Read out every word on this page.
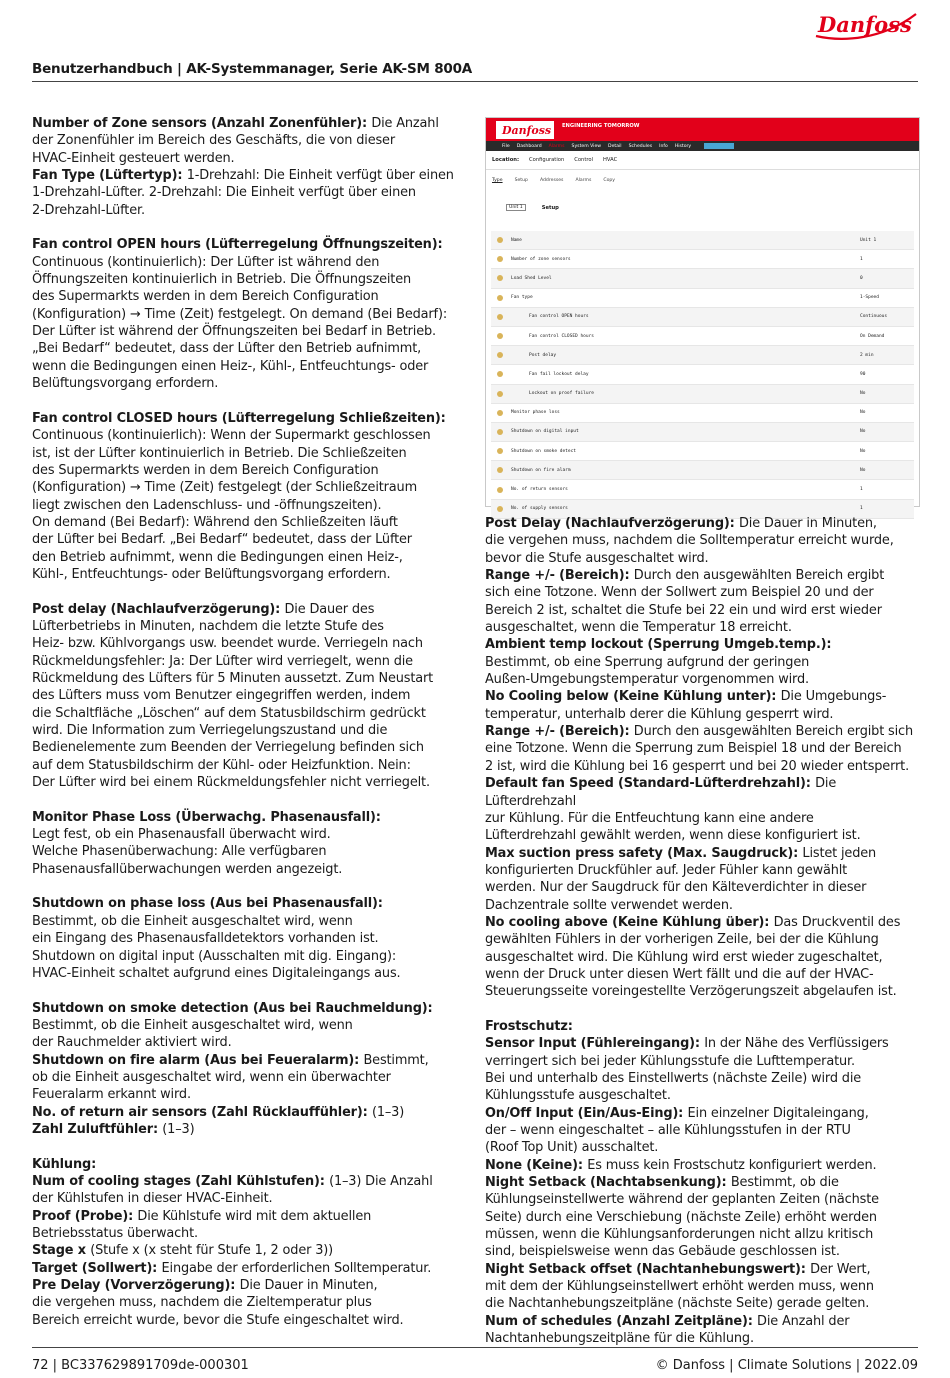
Danfoss
Benutzerhandbuch | AK-Systemmanager, Serie AK-SM 800A

Number of Zone sensors (Anzahl Zonenfühler): Die Anzahl

der Zonenfühler im Bereich des Geschäfts, die von dieser

HVAC-Einheit gesteuert werden.

Fan Type (Lüftertyp): 1-Drehzahl: Die Einheit verfügt über einen

1-Drehzahl-Lüfter. 2-Drehzahl: Die Einheit verfügt über einen

2-Drehzahl-Lüfter.

Fan control OPEN hours (Lüfterregelung Öffnungszeiten):

Continuous (kontinuierlich): Der Lüfter ist während den

Öffnungszeiten kontinuierlich in Betrieb. Die Öffnungszeiten

des Supermarkts werden in dem Bereich Configuration

(Konfiguration) → Time (Zeit) festgelegt. On demand (Bei Bedarf):

Der Lüfter ist während der Öffnungszeiten bei Bedarf in Betrieb.

„Bei Bedarf“ bedeutet, dass der Lüfter den Betrieb aufnimmt,

wenn die Bedingungen einen Heiz-, Kühl-, Entfeuchtungs- oder

Belüftungsvorgang erfordern.

Fan control CLOSED hours (Lüfterregelung Schließzeiten):

Continuous (kontinuierlich): Wenn der Supermarkt geschlossen

ist, ist der Lüfter kontinuierlich in Betrieb. Die Schließzeiten

des Supermarkts werden in dem Bereich Configuration

(Konfiguration) → Time (Zeit) festgelegt (der Schließzeitraum

liegt zwischen den Ladenschluss- und -öffnungszeiten).

On demand (Bei Bedarf): Während den Schließzeiten läuft

der Lüfter bei Bedarf. „Bei Bedarf“ bedeutet, dass der Lüfter

den Betrieb aufnimmt, wenn die Bedingungen einen Heiz-,

Kühl-, Entfeuchtungs- oder Belüftungsvorgang erfordern.

Post delay (Nachlaufverzögerung): Die Dauer des

Lüfterbetriebs in Minuten, nachdem die letzte Stufe des

Heiz- bzw. Kühlvorgangs usw. beendet wurde. Verriegeln nach

Rückmeldungsfehler: Ja: Der Lüfter wird verriegelt, wenn die

Rückmeldung des Lüfters für 5 Minuten aussetzt. Zum Neustart

des Lüfters muss vom Benutzer eingegriffen werden, indem

die Schaltfläche „Löschen“ auf dem Statusbildschirm gedrückt

wird. Die Information zum Verriegelungszustand und die

Bedienelemente zum Beenden der Verriegelung befinden sich

auf dem Statusbildschirm der Kühl- oder Heizfunktion. Nein:

Der Lüfter wird bei einem Rückmeldungsfehler nicht verriegelt.

Monitor Phase Loss (Überwachg. Phasenausfall):

Legt fest, ob ein Phasenausfall überwacht wird.

Welche Phasenüberwachung: Alle verfügbaren

Phasenausfallüberwachungen werden angezeigt.

Shutdown on phase loss (Aus bei Phasenausfall):

Bestimmt, ob die Einheit ausgeschaltet wird, wenn

ein Eingang des Phasenausfalldetektors vorhanden ist.

Shutdown on digital input (Ausschalten mit dig. Eingang):

HVAC-Einheit schaltet aufgrund eines Digitaleingangs aus.

Shutdown on smoke detection (Aus bei Rauchmeldung):

Bestimmt, ob die Einheit ausgeschaltet wird, wenn

der Rauchmelder aktiviert wird.

Shutdown on fire alarm (Aus bei Feueralarm): Bestimmt,

ob die Einheit ausgeschaltet wird, wenn ein überwachter

Feueralarm erkannt wird.

No. of return air sensors (Zahl Rücklauffühler): (1–3)

Zahl Zuluftfühler: (1–3)

Kühlung:

Num of cooling stages (Zahl Kühlstufen): (1–3) Die Anzahl

der Kühlstufen in dieser HVAC-Einheit.

Proof (Probe): Die Kühlstufe wird mit dem aktuellen

Betriebsstatus überwacht.

Stage x (Stufe x (x steht für Stufe 1, 2 oder 3))

Target (Sollwert): Eingabe der erforderlichen Solltemperatur.

Pre Delay (Vorverzögerung): Die Dauer in Minuten,

die vergehen muss, nachdem die Zieltemperatur plus

Bereich erreicht wurde, bevor die Stufe eingeschaltet wird.

Danfoss ENGINEERING TOMORROW
File Dashboard Alarms System View Detail Schedules Info History
Location: Configuration Control HVAC
Type	Setup	Addresses	Alarms	Copy
Unit 1	Setup
Name	Unit 1
Number of zone sensors	1
Load Shed Level	0
Fan type	1-Speed
Fan control OPEN hours	Continuous
Fan control CLOSED hours	On Demand
Post delay	2 min
Fan fail lockout delay	90
Lockout on proof failure	No
Monitor phase loss	No
Shutdown on digital input	No
Shutdown on smoke detect	No
Shutdown on fire alarm	No
No. of return sensors	1
No. of supply sensors	1

Post Delay (Nachlaufverzögerung): Die Dauer in Minuten,

die vergehen muss, nachdem die Solltemperatur erreicht wurde,

bevor die Stufe ausgeschaltet wird.

Range +/- (Bereich): Durch den ausgewählten Bereich ergibt

sich eine Totzone. Wenn der Sollwert zum Beispiel 20 und der

Bereich 2 ist, schaltet die Stufe bei 22 ein und wird erst wieder

ausgeschaltet, wenn die Temperatur 18 erreicht.

Ambient temp lockout (Sperrung Umgeb.temp.):

Bestimmt, ob eine Sperrung aufgrund der geringen

Außen-Umgebungstemperatur vorgenommen wird.

No Cooling below (Keine Kühlung unter): Die Umgebungs-

temperatur, unterhalb derer die Kühlung gesperrt wird.

Range +/- (Bereich): Durch den ausgewählten Bereich ergibt sich

eine Totzone. Wenn die Sperrung zum Beispiel 18 und der Bereich

2 ist, wird die Kühlung bei 16 gesperrt und bei 20 wieder entsperrt.

Default fan Speed (Standard-Lüfterdrehzahl): Die Lüfterdrehzahl

zur Kühlung. Für die Entfeuchtung kann eine andere

Lüfterdrehzahl gewählt werden, wenn diese konfiguriert ist.

Max suction press safety (Max. Saugdruck): Listet jeden

konfigurierten Druckfühler auf. Jeder Fühler kann gewählt

werden. Nur der Saugdruck für den Kälteverdichter in dieser

Dachzentrale sollte verwendet werden.

No cooling above (Keine Kühlung über): Das Druckventil des

gewählten Fühlers in der vorherigen Zeile, bei der die Kühlung

ausgeschaltet wird. Die Kühlung wird erst wieder zugeschaltet,

wenn der Druck unter diesen Wert fällt und die auf der HVAC-

Steuerungsseite voreingestellte Verzögerungszeit abgelaufen ist.

Frostschutz:

Sensor Input (Fühlereingang): In der Nähe des Verflüssigers

verringert sich bei jeder Kühlungsstufe die Lufttemperatur.

Bei und unterhalb des Einstellwerts (nächste Zeile) wird die

Kühlungsstufe ausgeschaltet.

On/Off Input (Ein/Aus-Eing): Ein einzelner Digitaleingang,

der – wenn eingeschaltet – alle Kühlungsstufen in der RTU

(Roof Top Unit) ausschaltet.

None (Keine): Es muss kein Frostschutz konfiguriert werden.

Night Setback (Nachtabsenkung): Bestimmt, ob die

Kühlungseinstellwerte während der geplanten Zeiten (nächste

Seite) durch eine Verschiebung (nächste Zeile) erhöht werden

müssen, wenn die Kühlungsanforderungen nicht allzu kritisch

sind, beispielsweise wenn das Gebäude geschlossen ist.

Night Setback offset (Nachtanhebungswert): Der Wert,

mit dem der Kühlungseinstellwert erhöht werden muss, wenn

die Nachtanhebungszeitpläne (nächste Seite) gerade gelten.

Num of schedules (Anzahl Zeitpläne): Die Anzahl der

Nachtanhebungszeitpläne für die Kühlung.

72 | BC337629891709de-000301	© Danfoss | Climate Solutions | 2022.09
